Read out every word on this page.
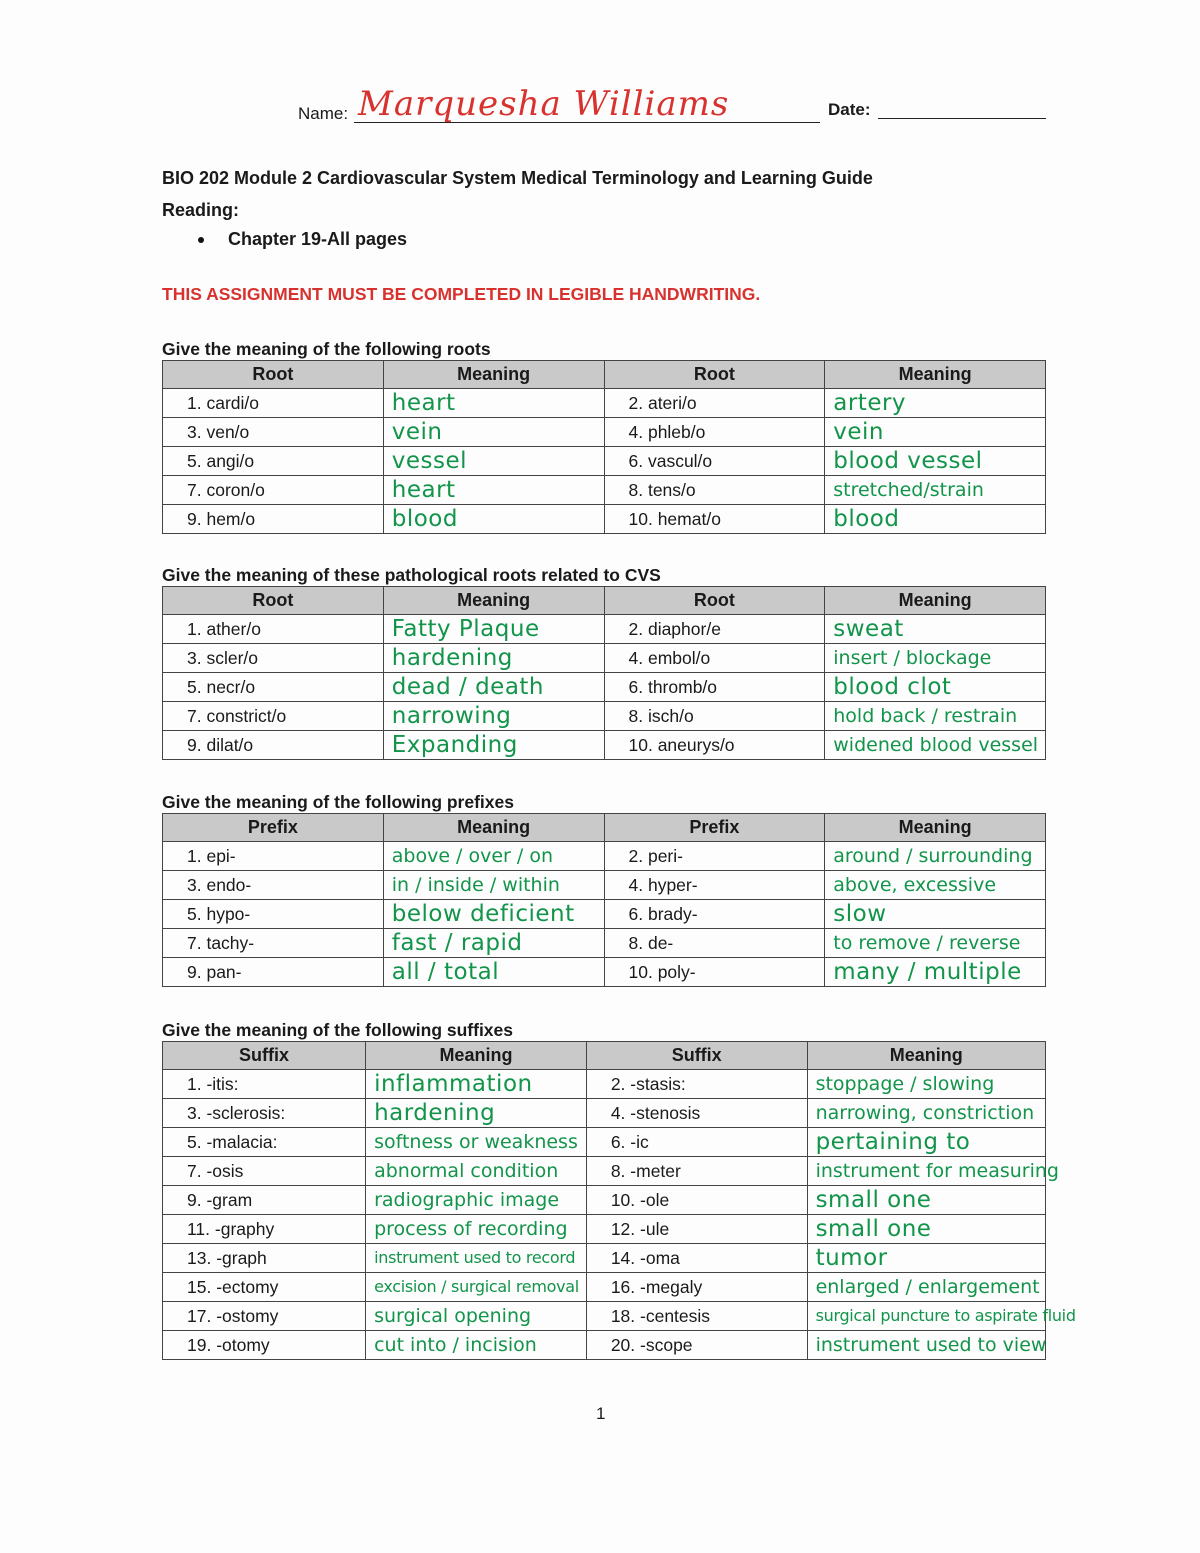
Name: Marquesha Williams	Date:
BIO 202 Module 2 Cardiovascular System Medical Terminology and Learning Guide
Reading:
Chapter 19-All pages
THIS ASSIGNMENT MUST BE COMPLETED IN LEGIBLE HANDWRITING.
Give the meaning of the following roots
Root	Meaning	Root	Meaning
1. cardi/o	heart	2. ateri/o	artery
3. ven/o	vein	4. phleb/o	vein
5. angi/o	vessel	6. vascul/o	blood vessel
7. coron/o	heart	8. tens/o	stretched/strain
9. hem/o	blood	10. hemat/o	blood
Give the meaning of these pathological roots related to CVS
Root	Meaning	Root	Meaning
1. ather/o	Fatty Plaque	2. diaphor/e	sweat
3. scler/o	hardening	4. embol/o	insert / blockage
5. necr/o	dead / death	6. thromb/o	blood clot
7. constrict/o	narrowing	8. isch/o	hold back / restrain
9. dilat/o	Expanding	10. aneurys/o	widened blood vessel
Give the meaning of the following prefixes
Prefix	Meaning	Prefix	Meaning
1. epi-	above / over / on	2. peri-	around / surrounding
3. endo-	in / inside / within	4. hyper-	above, excessive
5. hypo-	below deficient	6. brady-	slow
7. tachy-	fast / rapid	8. de-	to remove / reverse
9. pan-	all / total	10. poly-	many / multiple
Give the meaning of the following suffixes
Suffix	Meaning	Suffix	Meaning
1. -itis:	inflammation	2. -stasis:	stoppage / slowing
3. -sclerosis:	hardening	4. -stenosis	narrowing, constriction
5. -malacia:	softness or weakness	6. -ic	pertaining to
7. -osis	abnormal condition	8. -meter	instrument for measuring
9. -gram	radiographic image	10. -ole	small one
11. -graphy	process of recording	12. -ule	small one
13. -graph	instrument used to record	14. -oma	tumor
15. -ectomy	excision / surgical removal	16. -megaly	enlarged / enlargement
17. -ostomy	surgical opening	18. -centesis	surgical puncture to aspirate fluid
19. -otomy	cut into / incision	20. -scope	instrument used to view
1
